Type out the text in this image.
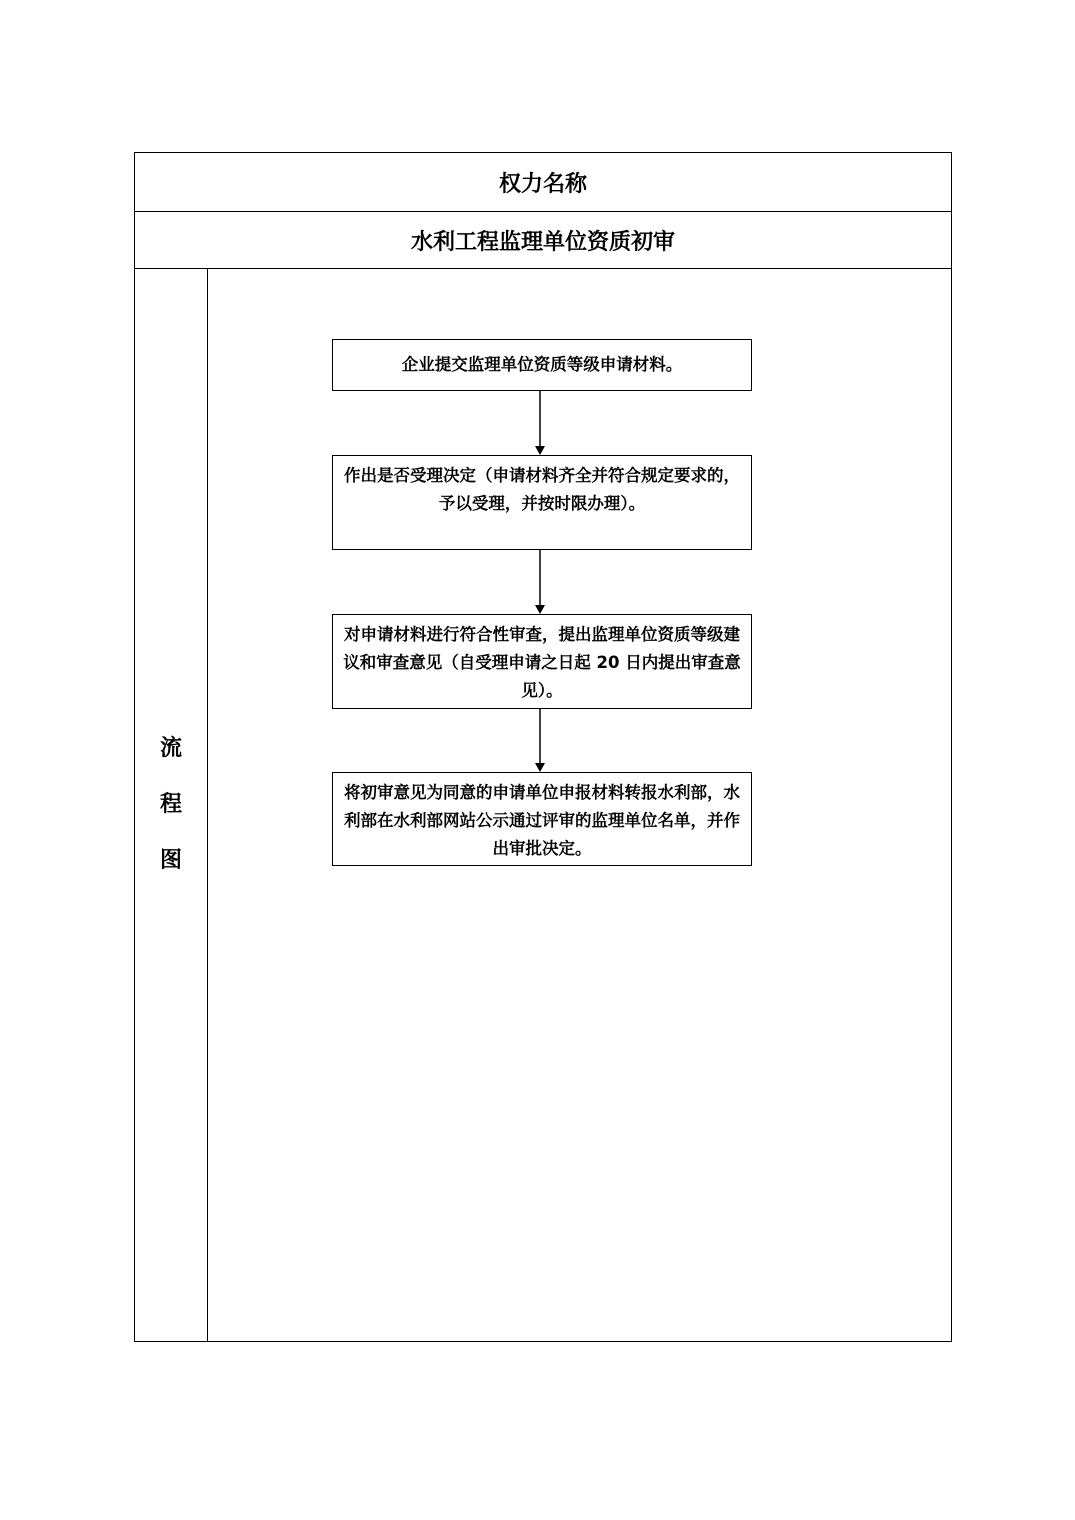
权力名称
水利工程监理单位资质初审
流
程
图
企业提交监理单位资质等级申请材料。
作出是否受理决定（申请材料齐全并符合规定要求的，予以受理，并按时限办理）。
对申请材料进行符合性审查，提出监理单位资质等级建议和审查意见（自受理申请之日起 20 日内提出审查意见）。
将初审意见为同意的申请单位申报材料转报水利部，水利部在水利部网站公示通过评审的监理单位名单，并作出审批决定。
